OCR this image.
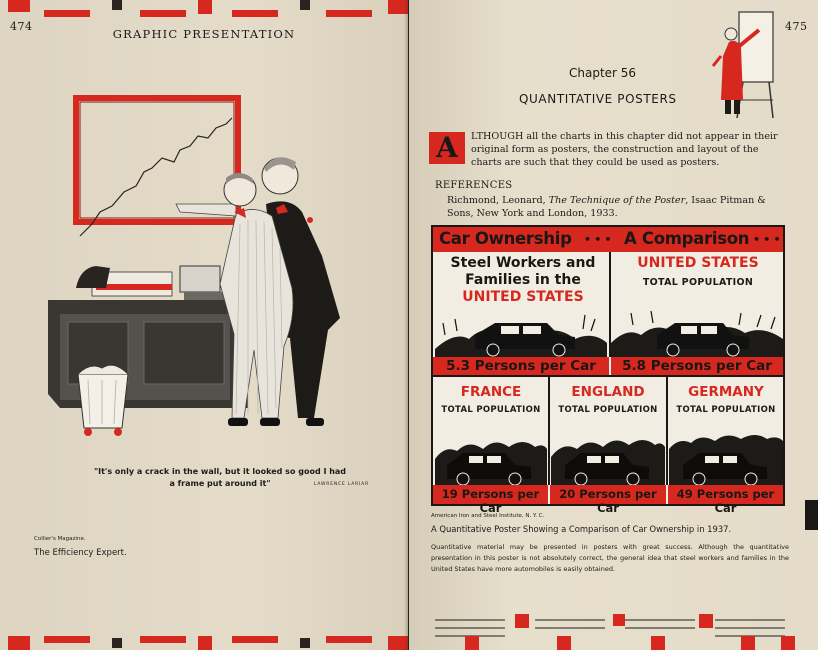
474
GRAPHIC PRESENTATION
"It's only a crack in the wall, but it looked so good I had a frame put around it"	LAWRENCE LARIAR
Collier's Magazine.
The Efficiency Expert.
475
Chapter 56
QUANTITATIVE POSTERS
A	LTHOUGH all the charts in this chapter did not appear in their original form as posters, the construction and layout of the charts are such that they could be used as posters.
REFERENCES
Richmond, Leonard, The Technique of the Poster, Isaac Pitman & Sons, New York and London, 1933.
Car Ownership • • • A Comparison • • •
Steel Workers and
Families in the
UNITED STATES
UNITED STATES
TOTAL POPULATION
5.3 Persons per Car	5.8 Persons per Car
FRANCE
TOTAL POPULATION
ENGLAND
TOTAL POPULATION
GERMANY
TOTAL POPULATION
19 Persons per Car
20 Persons per Car
49 Persons per Car
American Iron and Steel Institute, N. Y. C.
A Quantitative Poster Showing a Comparison of Car Ownership in 1937.
Quantitative material may be presented in posters with great success. Although the quantitative presentation in this poster is not absolutely correct, the general idea that steel workers and families in the United States have more automobiles is easily obtained.
